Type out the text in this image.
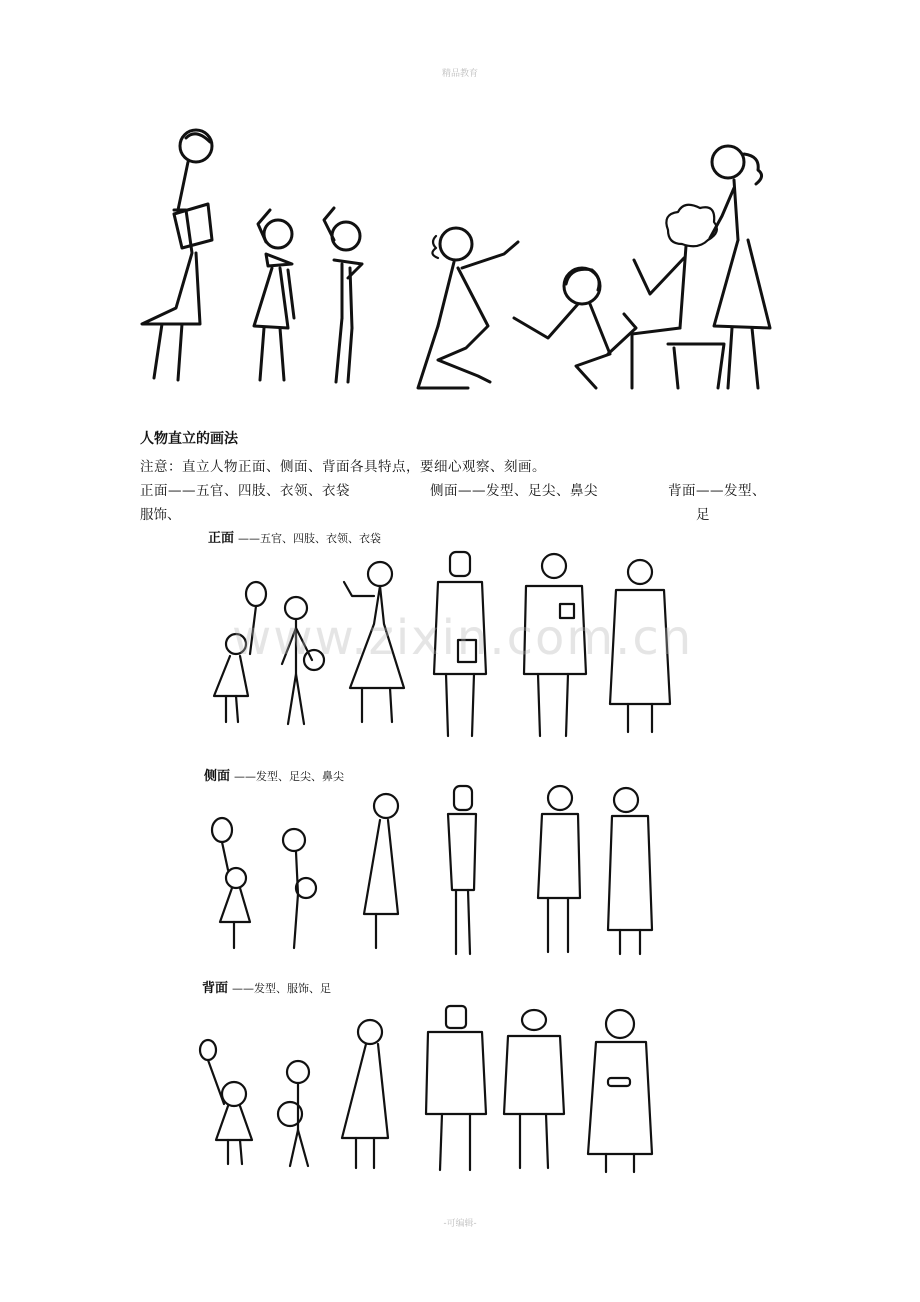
精品教育
人物直立的画法
注意：直立人物正面、侧面、背面各具特点，要细心观察、刻画。
正面——五官、四肢、衣领、衣袋	侧面——发型、足尖、鼻尖	背面——发型、
服饰、	足
正面 ——五官、四肢、衣领、衣袋
侧面 ——发型、足尖、鼻尖
背面 ——发型、服饰、足
www.zixin.com.cn
-可编辑-
